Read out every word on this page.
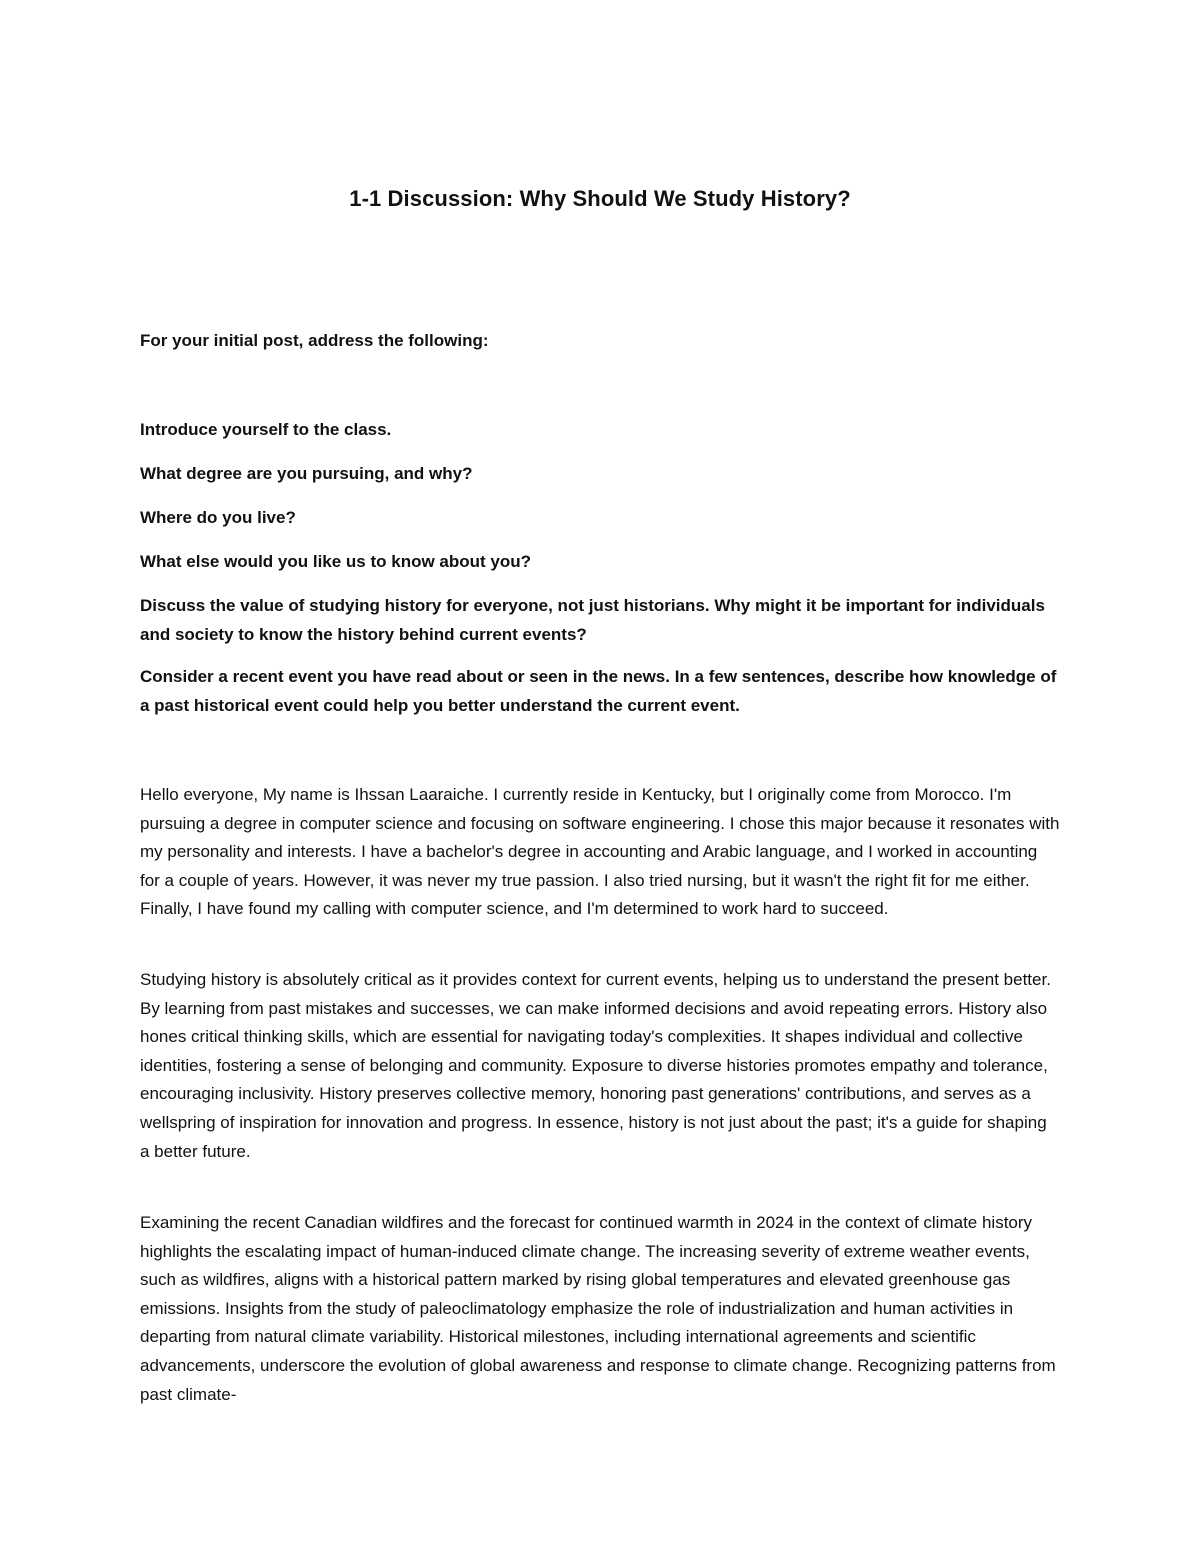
1-1 Discussion: Why Should We Study History?
For your initial post, address the following:
Introduce yourself to the class.
What degree are you pursuing, and why?
Where do you live?
What else would you like us to know about you?
Discuss the value of studying history for everyone, not just historians. Why might it be important for individuals and society to know the history behind current events?
Consider a recent event you have read about or seen in the news. In a few sentences, describe how knowledge of a past historical event could help you better understand the current event.
Hello everyone, My name is Ihssan Laaraiche. I currently reside in Kentucky, but I originally come from Morocco. I'm pursuing a degree in computer science and focusing on software engineering. I chose this major because it resonates with my personality and interests. I have a bachelor's degree in accounting and Arabic language, and I worked in accounting for a couple of years. However, it was never my true passion. I also tried nursing, but it wasn't the right fit for me either. Finally, I have found my calling with computer science, and I'm determined to work hard to succeed.
Studying history is absolutely critical as it provides context for current events, helping us to understand the present better. By learning from past mistakes and successes, we can make informed decisions and avoid repeating errors. History also hones critical thinking skills, which are essential for navigating today's complexities. It shapes individual and collective identities, fostering a sense of belonging and community. Exposure to diverse histories promotes empathy and tolerance, encouraging inclusivity. History preserves collective memory, honoring past generations' contributions, and serves as a wellspring of inspiration for innovation and progress. In essence, history is not just about the past; it's a guide for shaping a better future.
Examining the recent Canadian wildfires and the forecast for continued warmth in 2024 in the context of climate history highlights the escalating impact of human-induced climate change. The increasing severity of extreme weather events, such as wildfires, aligns with a historical pattern marked by rising global temperatures and elevated greenhouse gas emissions. Insights from the study of paleoclimatology emphasize the role of industrialization and human activities in departing from natural climate variability. Historical milestones, including international agreements and scientific advancements, underscore the evolution of global awareness and response to climate change. Recognizing patterns from past climate-
